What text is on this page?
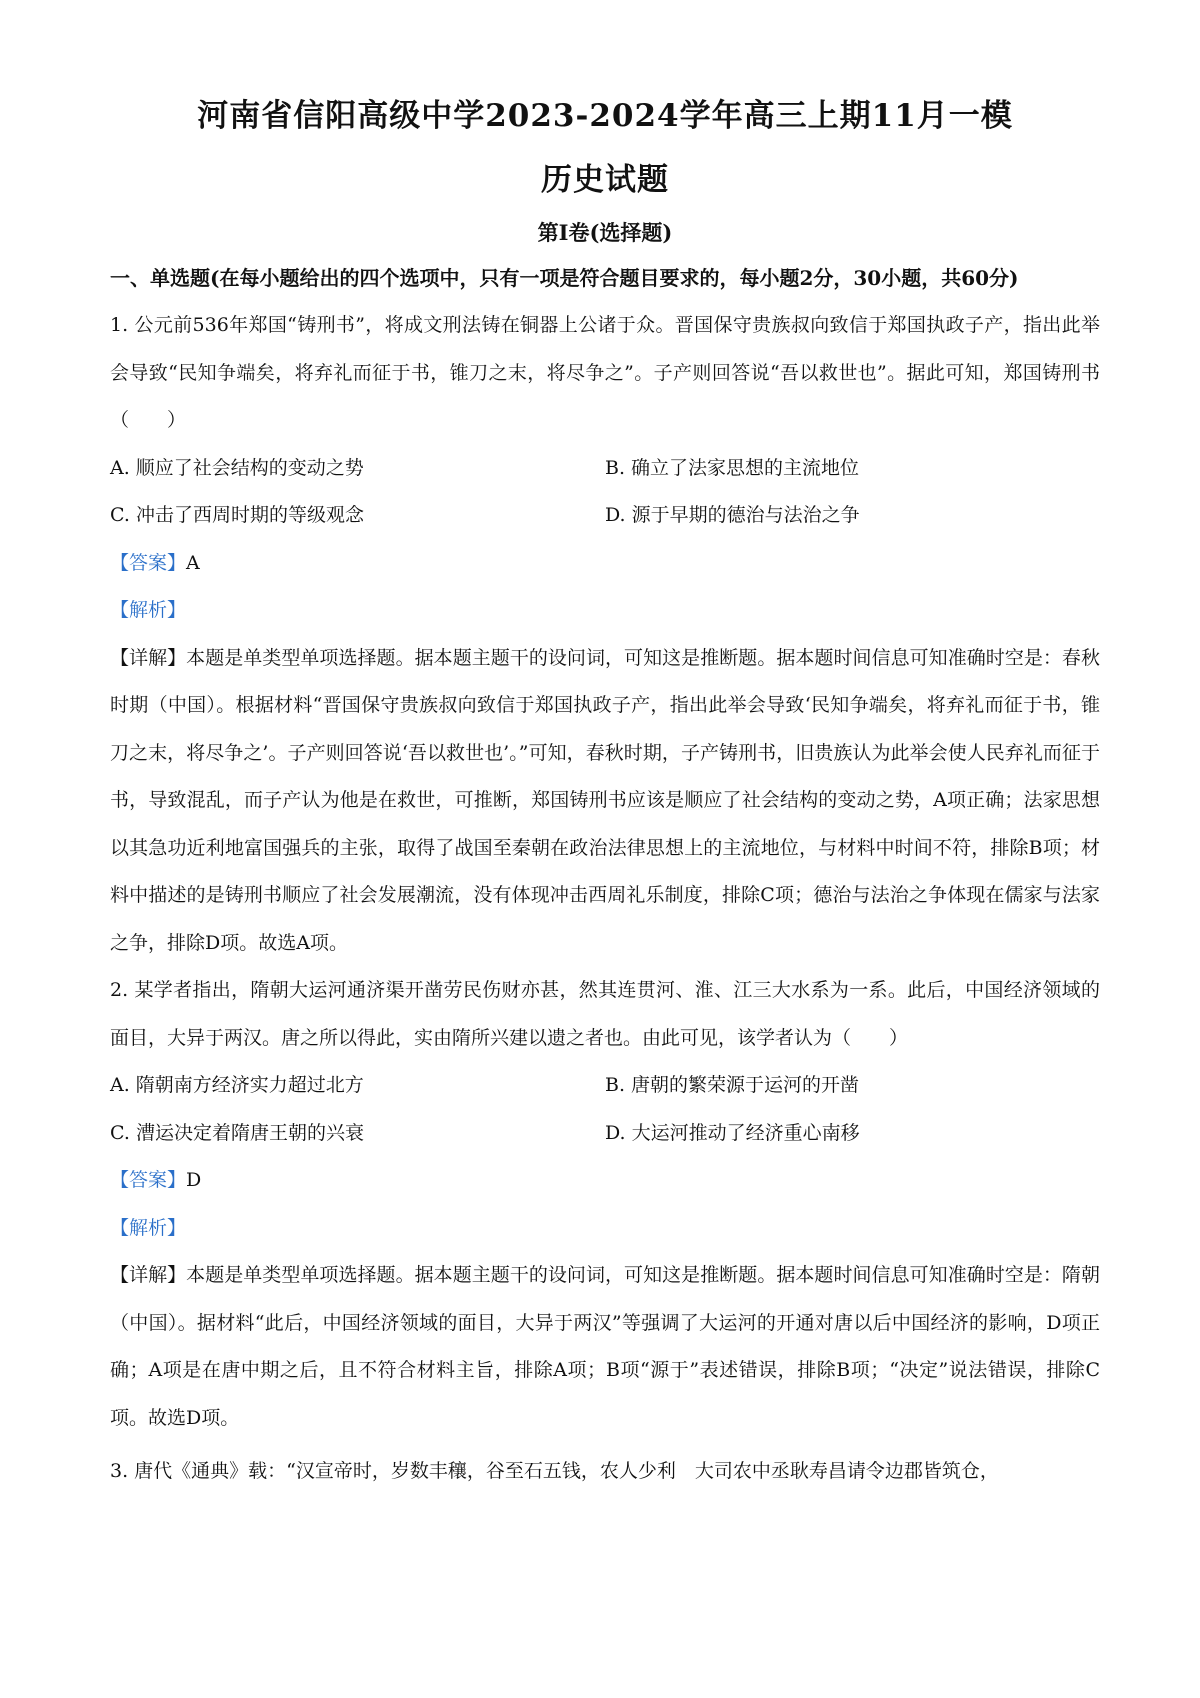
河南省信阳高级中学2023-2024学年高三上期11月一模
历史试题
第Ⅰ卷(选择题)
一、单选题(在每小题给出的四个选项中，只有一项是符合题目要求的，每小题2分，30小题，共60分)

1. 公元前536年郑国“铸刑书”，将成文刑法铸在铜器上公诸于众。晋国保守贵族叔向致信于郑国执政子产，指出此举会导致“民知争端矣，将弃礼而征于书，锥刀之末，将尽争之”。子产则回答说“吾以救世也”。据此可知，郑国铸刑书（　　）

A. 顺应了社会结构的变动之势	B. 确立了法家思想的主流地位
C. 冲击了西周时期的等级观念	D. 源于早期的德治与法治之争

【答案】A

【解析】

【详解】本题是单类型单项选择题。据本题主题干的设问词，可知这是推断题。据本题时间信息可知准确时空是：春秋时期（中国）。根据材料“晋国保守贵族叔向致信于郑国执政子产，指出此举会导致‘民知争端矣，将弃礼而征于书，锥刀之末，将尽争之’。子产则回答说‘吾以救世也’。”可知，春秋时期，子产铸刑书，旧贵族认为此举会使人民弃礼而征于书，导致混乱，而子产认为他是在救世，可推断，郑国铸刑书应该是顺应了社会结构的变动之势，A项正确；法家思想以其急功近利地富国强兵的主张，取得了战国至秦朝在政治法律思想上的主流地位，与材料中时间不符，排除B项；材料中描述的是铸刑书顺应了社会发展潮流，没有体现冲击西周礼乐制度，排除C项；德治与法治之争体现在儒家与法家之争，排除D项。故选A项。

2. 某学者指出，隋朝大运河通济渠开凿劳民伤财亦甚，然其连贯河、淮、江三大水系为一系。此后，中国经济领域的面目，大异于两汉。唐之所以得此，实由隋所兴建以遗之者也。由此可见，该学者认为（　　）

A. 隋朝南方经济实力超过北方	B. 唐朝的繁荣源于运河的开凿
C. 漕运决定着隋唐王朝的兴衰	D. 大运河推动了经济重心南移

【答案】D

【解析】

【详解】本题是单类型单项选择题。据本题主题干的设问词，可知这是推断题。据本题时间信息可知准确时空是：隋朝（中国）。据材料“此后，中国经济领域的面目，大异于两汉”等强调了大运河的开通对唐以后中国经济的影响，D项正确；A项是在唐中期之后，且不符合材料主旨，排除A项；B项“源于”表述错误，排除B项；“决定”说法错误，排除C项。故选D项。

3. 唐代《通典》载：“汉宣帝时，岁数丰穰，谷至石五钱，农人少利　大司农中丞耿寿昌请令边郡皆筑仓，
